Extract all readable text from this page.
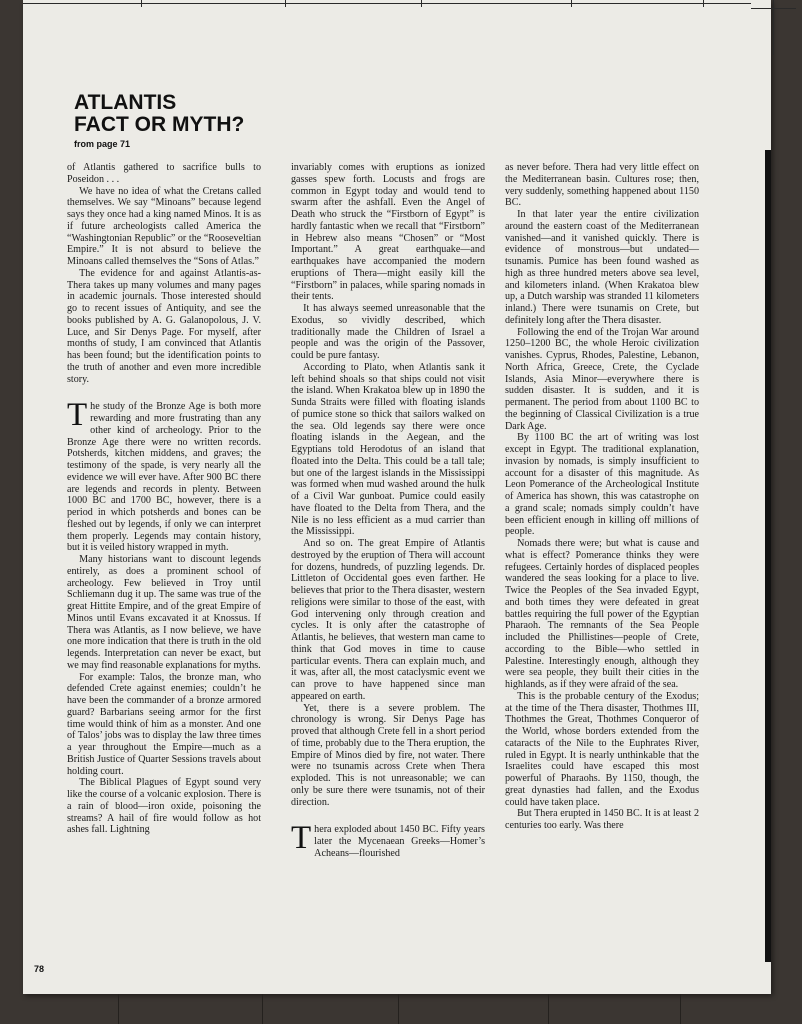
ATLANTIS
FACT OR MYTH?
from page 71

of Atlantis gathered to sacrifice bulls to Poseidon . . .

We have no idea of what the Cretans called themselves. We say “Minoans” because legend says they once had a king named Minos. It is as if future archeologists called America the “Washingtonian Republic” or the “Rooseveltian Empire.” It is not absurd to believe the Minoans called themselves the “Sons of Atlas.”

The evidence for and against Atlantis-as-Thera takes up many volumes and many pages in academic journals. Those interested should go to recent issues of Antiquity, and see the books published by A. G. Galanopolous, J. V. Luce, and Sir Denys Page. For myself, after months of study, I am convinced that Atlantis has been found; but the identification points to the truth of another and even more incredible story.

The study of the Bronze Age is both more rewarding and more frustrating than any other kind of archeology. Prior to the Bronze Age there were no written records. Potsherds, kitchen middens, and graves; the testimony of the spade, is very nearly all the evidence we will ever have. After 900 BC there are legends and records in plenty. Between 1000 BC and 1700 BC, however, there is a period in which potsherds and bones can be fleshed out by legends, if only we can interpret them properly. Legends may contain history, but it is veiled history wrapped in myth.

Many historians want to discount legends entirely, as does a prominent school of archeology. Few believed in Troy until Schliemann dug it up. The same was true of the great Hittite Empire, and of the great Empire of Minos until Evans excavated it at Knossus. If Thera was Atlantis, as I now believe, we have one more indication that there is truth in the old legends. Interpretation can never be exact, but we may find reasonable explanations for myths.

For example: Talos, the bronze man, who defended Crete against enemies; couldn’t he have been the commander of a bronze armored guard? Barbarians seeing armor for the first time would think of him as a monster. And one of Talos’ jobs was to display the law three times a year throughout the Empire—much as a British Justice of Quarter Sessions travels about holding court.

The Biblical Plagues of Egypt sound very like the course of a volcanic explosion. There is a rain of blood—iron oxide, poisoning the streams? A hail of fire would follow as hot ashes fall. Lightning

invariably comes with eruptions as ionized gasses spew forth. Locusts and frogs are common in Egypt today and would tend to swarm after the ashfall. Even the Angel of Death who struck the “Firstborn of Egypt” is hardly fantastic when we recall that “Firstborn” in Hebrew also means “Chosen” or “Most Important.” A great earthquake—and earthquakes have accompanied the modern eruptions of Thera—might easily kill the “Firstborn” in palaces, while sparing nomads in their tents.

It has always seemed unreasonable that the Exodus, so vividly described, which traditionally made the Children of Israel a people and was the origin of the Passover, could be pure fantasy.

According to Plato, when Atlantis sank it left behind shoals so that ships could not visit the island. When Krakatoa blew up in 1890 the Sunda Straits were filled with floating islands of pumice stone so thick that sailors walked on the sea. Old legends say there were once floating islands in the Aegean, and the Egyptians told Herodotus of an island that floated into the Delta. This could be a tall tale; but one of the largest islands in the Mississippi was formed when mud washed around the hulk of a Civil War gunboat. Pumice could easily have floated to the Delta from Thera, and the Nile is no less efficient as a mud carrier than the Mississippi.

And so on. The great Empire of Atlantis destroyed by the eruption of Thera will account for dozens, hundreds, of puzzling legends. Dr. Littleton of Occidental goes even farther. He believes that prior to the Thera disaster, western religions were similar to those of the east, with God intervening only through creation and cycles. It is only after the catastrophe of Atlantis, he believes, that western man came to think that God moves in time to cause particular events. Thera can explain much, and it was, after all, the most cataclysmic event we can prove to have happened since man appeared on earth.

Yet, there is a severe problem. The chronology is wrong. Sir Denys Page has proved that although Crete fell in a short period of time, probably due to the Thera eruption, the Empire of Minos died by fire, not water. There were no tsunamis across Crete when Thera exploded. This is not unreasonable; we can only be sure there were tsunamis, not of their direction.

Thera exploded about 1450 BC. Fifty years later the Mycenaean Greeks—Homer’s Acheans—flourished

as never before. Thera had very little effect on the Mediterranean basin. Cultures rose; then, very suddenly, something happened about 1150 BC.

In that later year the entire civilization around the eastern coast of the Mediterranean vanished—and it vanished quickly. There is evidence of monstrous—but undated—tsunamis. Pumice has been found washed as high as three hundred meters above sea level, and kilometers inland. (When Krakatoa blew up, a Dutch warship was stranded 11 kilometers inland.) There were tsunamis on Crete, but definitely long after the Thera disaster.

Following the end of the Trojan War around 1250–1200 BC, the whole Heroic civilization vanishes. Cyprus, Rhodes, Palestine, Lebanon, North Africa, Greece, Crete, the Cyclade Islands, Asia Minor—everywhere there is sudden disaster. It is sudden, and it is permanent. The period from about 1100 BC to the beginning of Classical Civilization is a true Dark Age.

By 1100 BC the art of writing was lost except in Egypt. The traditional explanation, invasion by nomads, is simply insufficient to account for a disaster of this magnitude. As Leon Pomerance of the Archeological Institute of America has shown, this was catastrophe on a grand scale; nomads simply couldn’t have been efficient enough in killing off millions of people.

Nomads there were; but what is cause and what is effect? Pomerance thinks they were refugees. Certainly hordes of displaced peoples wandered the seas looking for a place to live. Twice the Peoples of the Sea invaded Egypt, and both times they were defeated in great battles requiring the full power of the Egyptian Pharaoh. The remnants of the Sea People included the Phillistines—people of Crete, according to the Bible—who settled in Palestine. Interestingly enough, although they were sea people, they built their cities in the highlands, as if they were afraid of the sea.

This is the probable century of the Exodus; at the time of the Thera disaster, Thothmes III, Thothmes the Great, Thothmes Conqueror of the World, whose borders extended from the cataracts of the Nile to the Euphrates River, ruled in Egypt. It is nearly unthinkable that the Israelites could have escaped this most powerful of Pharaohs. By 1150, though, the great dynasties had fallen, and the Exodus could have taken place.

But Thera erupted in 1450 BC. It is at least 2 centuries too early. Was there

78
